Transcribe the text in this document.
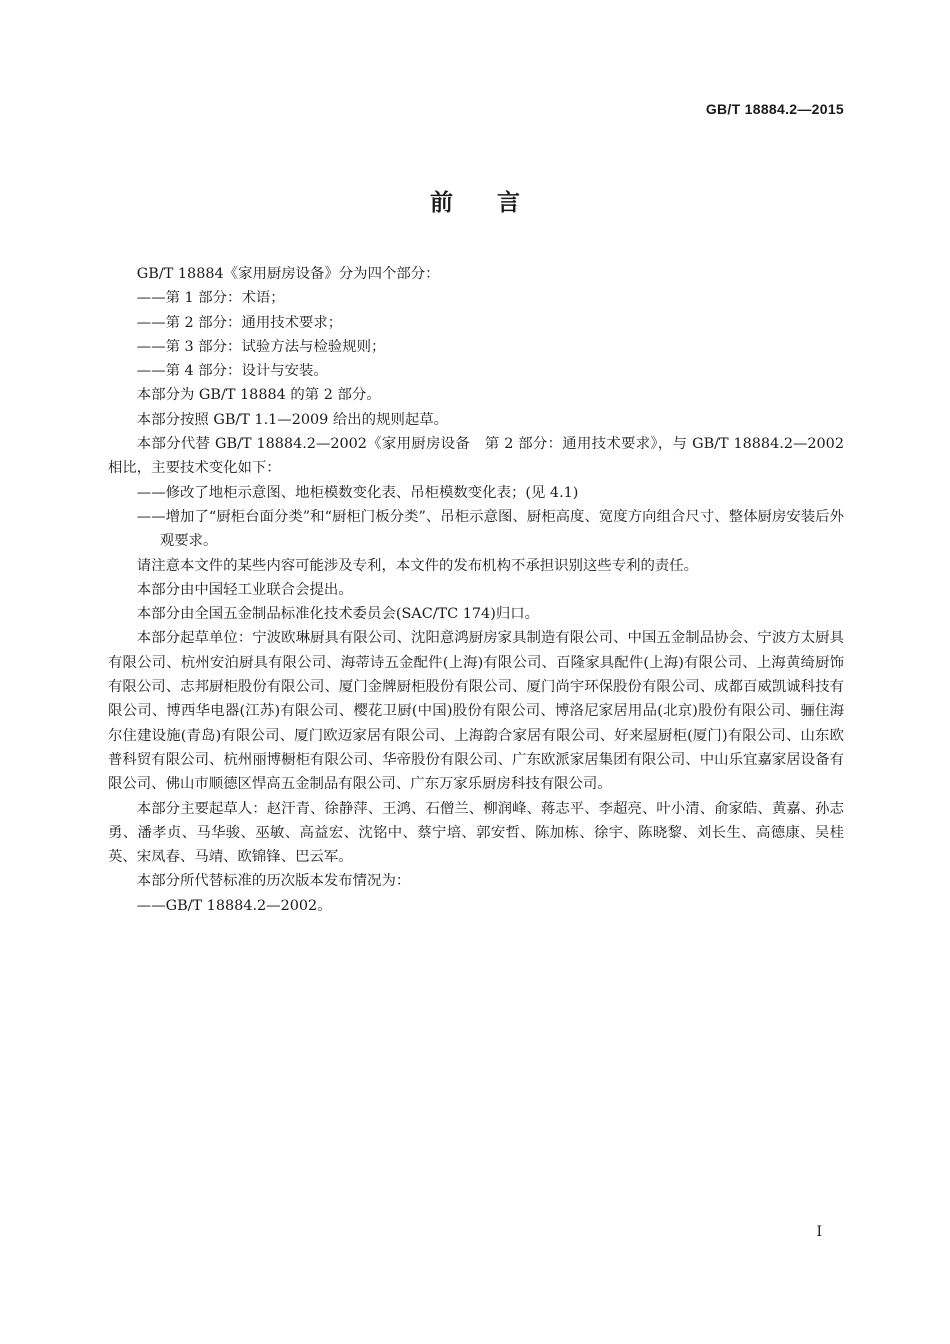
GB/T 18884.2—2015
前言

GB/T 18884《家用厨房设备》分为四个部分：

——第 1 部分：术语；

——第 2 部分：通用技术要求；

——第 3 部分：试验方法与检验规则；

——第 4 部分：设计与安装。

本部分为 GB/T 18884 的第 2 部分。

本部分按照 GB/T 1.1—2009 给出的规则起草。

本部分代替 GB/T 18884.2—2002《家用厨房设备　第 2 部分：通用技术要求》，与 GB/T 18884.2—2002 相比，主要技术变化如下：

——修改了地柜示意图、地柜模数变化表、吊柜模数变化表；(见 4.1)

——增加了“厨柜台面分类”和“厨柜门板分类”、吊柜示意图、厨柜高度、宽度方向组合尺寸、整体厨房安装后外观要求。

请注意本文件的某些内容可能涉及专利，本文件的发布机构不承担识别这些专利的责任。

本部分由中国轻工业联合会提出。

本部分由全国五金制品标准化技术委员会(SAC/TC 174)归口。

本部分起草单位：宁波欧琳厨具有限公司、沈阳意鸿厨房家具制造有限公司、中国五金制品协会、宁波方太厨具有限公司、杭州安泊厨具有限公司、海蒂诗五金配件(上海)有限公司、百隆家具配件(上海)有限公司、上海黄绮厨饰有限公司、志邦厨柜股份有限公司、厦门金牌厨柜股份有限公司、厦门尚宇环保股份有限公司、成都百威凯诚科技有限公司、博西华电器(江苏)有限公司、樱花卫厨(中国)股份有限公司、博洛尼家居用品(北京)股份有限公司、骊住海尔住建设施(青岛)有限公司、厦门欧迈家居有限公司、上海韵合家居有限公司、好来屋厨柜(厦门)有限公司、山东欧普科贸有限公司、杭州丽博橱柜有限公司、华帝股份有限公司、广东欧派家居集团有限公司、中山乐宜嘉家居设备有限公司、佛山市顺德区悍高五金制品有限公司、广东万家乐厨房科技有限公司。

本部分主要起草人：赵汗青、徐静萍、王鸿、石僧兰、柳润峰、蒋志平、李超亮、叶小清、俞家皓、黄嘉、孙志勇、潘孝贞、马华骏、巫敏、高益宏、沈铭中、蔡宁培、郭安哲、陈加栋、徐宇、陈晓黎、刘长生、高德康、吴桂英、宋凤春、马靖、欧锦锋、巴云军。

本部分所代替标准的历次版本发布情况为：

——GB/T 18884.2—2002。

I
